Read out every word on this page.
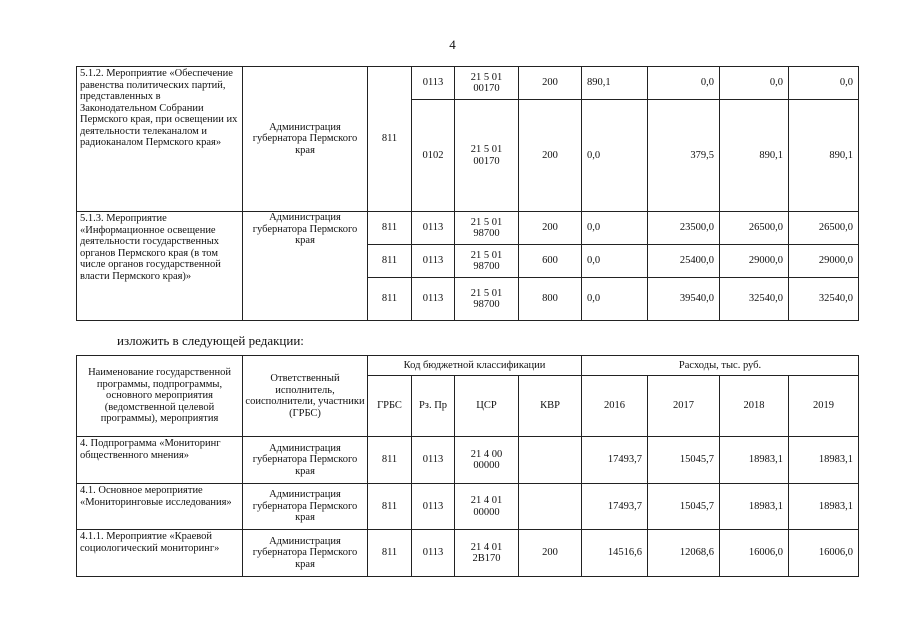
4
5.1.2. Мероприятие «Обеспечение равенства политических партий, представленных в Законодательном Собрании Пермского края, при освещении их деятельности телеканалом и радиоканалом Пермского края»	Администрация губернатора Пермского края	811	0113	21 5 01 00170	200	890,1	0,0	0,0	0,0
			0102	21 5 01 00170	200	0,0	379,5	890,1	890,1
5.1.3. Мероприятие «Информационное освещение деятельности государственных органов Пермского края (в том числе органов государственной власти Пермского края)»	Администрация губернатора Пермского края	811	0113	21 5 01 98700	200	0,0	23500,0	26500,0	26500,0
		811	0113	21 5 01 98700	600	0,0	25400,0	29000,0	29000,0
		811	0113	21 5 01 98700	800	0,0	39540,0	32540,0	32540,0
изложить в следующей редакции:
Наименование государственной программы, подпрограммы, основного мероприятия (ведомственной целевой программы), мероприятия	Ответственный исполнитель, соисполнители, участники (ГРБС)	Код бюджетной классификации				Расходы, тыс. руб.			
		ГРБС	Рз. Пр	ЦСР	КВР	2016	2017	2018	2019
4. Подпрограмма «Мониторинг общественного мнения»	Администрация губернатора Пермского края	811	0113	21 4 00 00000		17493,7	15045,7	18983,1	18983,1
4.1. Основное мероприятие «Мониторинговые исследования»	Администрация губернатора Пермского края	811	0113	21 4 01 00000		17493,7	15045,7	18983,1	18983,1
4.1.1. Мероприятие «Краевой социологический мониторинг»	Администрация губернатора Пермского края	811	0113	21 4 01 2B170	200	14516,6	12068,6	16006,0	16006,0
